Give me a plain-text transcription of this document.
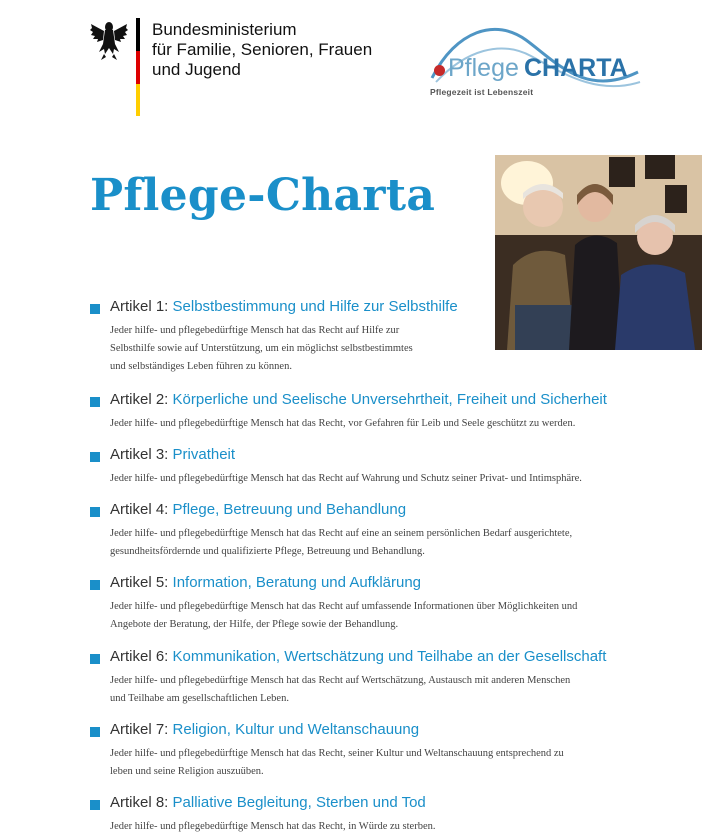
Bundesministerium
für Familie, Senioren, Frauen
und Jugend	Pflege CHARTA
Pflegezeit ist Lebenszeit
Pflege-Charta
Artikel 1: Selbstbestimmung und Hilfe zur Selbsthilfe
Jeder hilfe- und pflegebedürftige Mensch hat das Recht auf Hilfe zur
Selbsthilfe sowie auf Unterstützung, um ein möglichst selbstbestimmtes
und selbständiges Leben führen zu können.
Artikel 2: Körperliche und Seelische Unversehrtheit, Freiheit und Sicherheit
Jeder hilfe- und pflegebedürftige Mensch hat das Recht, vor Gefahren für Leib und Seele geschützt zu werden.
Artikel 3: Privatheit
Jeder hilfe- und pflegebedürftige Mensch hat das Recht auf Wahrung und Schutz seiner Privat- und Intimsphäre.
Artikel 4: Pflege, Betreuung und Behandlung
Jeder hilfe- und pflegebedürftige Mensch hat das Recht auf eine an seinem persönlichen Bedarf ausgerichtete,
gesundheitsfördernde und qualifizierte Pflege, Betreuung und Behandlung.
Artikel 5: Information, Beratung und Aufklärung
Jeder hilfe- und pflegebedürftige Mensch hat das Recht auf umfassende Informationen über Möglichkeiten und
Angebote der Beratung, der Hilfe, der Pflege sowie der Behandlung.
Artikel 6: Kommunikation, Wertschätzung und Teilhabe an der Gesellschaft
Jeder hilfe- und pflegebedürftige Mensch hat das Recht auf Wertschätzung, Austausch mit anderen Menschen
und Teilhabe am gesellschaftlichen Leben.
Artikel 7: Religion, Kultur und Weltanschauung
Jeder hilfe- und pflegebedürftige Mensch hat das Recht, seiner Kultur und Weltanschauung entsprechend zu
leben und seine Religion auszuüben.
Artikel 8: Palliative Begleitung, Sterben und Tod
Jeder hilfe- und pflegebedürftige Mensch hat das Recht, in Würde zu sterben.
